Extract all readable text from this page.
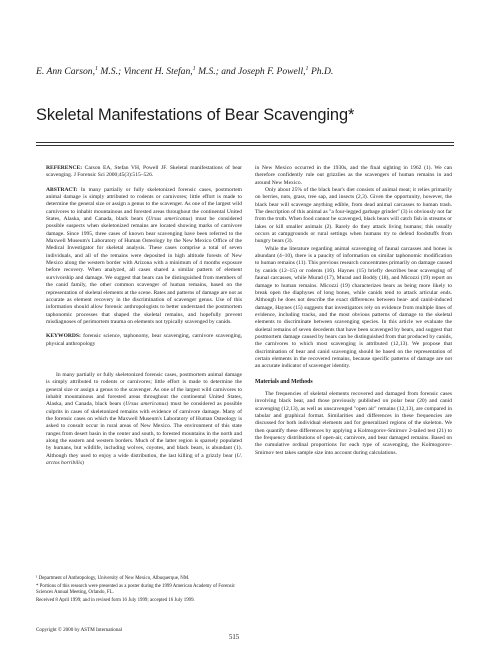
E. Ann Carson,$^1$ M.S.; Vincent H. Stefan,$^1$ M.S.; and Joseph F. Powell,$^1$ Ph.D.
Skeletal Manifestations of Bear Scavenging*

REFERENCE: Carson EA, Stefan VH, Powell JF. Skeletal manifestations of bear scavenging. J Forensic Sci 2000;45(3):515–526.

ABSTRACT: In many partially or fully skeletonized forensic cases, postmortem animal damage is simply attributed to rodents or carnivores; little effort is made to determine the general size or assign a genus to the scavenger. As one of the largest wild carnivores to inhabit mountainous and forested areas throughout the continental United States, Alaska, and Canada, black bears (Ursus americanus) must be considered possible suspects when skeletonized remains are located showing marks of carnivore damage. Since 1995, three cases of known bear scavenging have been referred to the Maxwell Museum's Laboratory of Human Osteology by the New Mexico Office of the Medical Investigator for skeletal analysis. These cases comprise a total of seven individuals, and all of the remains were deposited in high altitude forests of New Mexico along the western border with Arizona with a minimum of 4 months exposure before recovery. When analyzed, all cases shared a similar pattern of element survivorship and damage. We suggest that bears can be distinguished from members of the canid family, the other common scavenger of human remains, based on the representation of skeletal elements at the scene. Rates and patterns of damage are not as accurate as element recovery in the discrimination of scavenger genus. Use of this information should allow forensic anthropologists to better understand the postmortem taphonomic processes that shaped the skeletal remains, and hopefully prevent misdiagnoses of perimortem trauma on elements not typically scavenged by canids.

KEYWORDS: forensic science, taphonomy, bear scavenging, carnivore scavenging, physical anthropology

In many partially or fully skeletonized forensic cases, postmortem animal damage is simply attributed to rodents or carnivores; little effort is made to determine the general size or assign a genus to the scavenger. As one of the largest wild carnivores to inhabit mountainous and forested areas throughout the continental United States, Alaska, and Canada, black bears (Ursus americanus) must be considered as possible culprits in cases of skeletonized remains with evidence of carnivore damage. Many of the forensic cases on which the Maxwell Museum's Laboratory of Human Osteology is asked to consult occur in rural areas of New Mexico. The environment of this state ranges from desert basin in the center and south, to forested mountains in the north and along the eastern and western borders. Much of the latter region is sparsely populated by humans, but wildlife, including wolves, coyotes, and black bears, is abundant (1). Although they used to enjoy a wide distribution, the last killing of a grizzly bear (U. arctos horribilis)

in New Mexico occurred in the 1930s, and the final sighting in 1962 (1). We can therefore confidently rule out grizzlies as the scavengers of human remains in and around New Mexico.

Only about 25% of the black bear's diet consists of animal meat; it relies primarily on berries, nuts, grass, tree sap, and insects (2,3). Given the opportunity, however, the black bear will scavenge anything edible, from dead animal carcasses to human trash. The description of this animal as "a four-legged garbage grinder" (3) is obviously not far from the truth. When food cannot be scavenged, black bears will catch fish in streams or lakes or kill smaller animals (2). Rarely do they attack living humans; this usually occurs at campgrounds or rural settings when humans try to defend foodstuffs from hungry bears (3).

While the literature regarding animal scavenging of faunal carcasses and bones is abundant (4–10), there is a paucity of information on similar taphonomic modification to human remains (11). This previous research concentrates primarily on damage caused by canids (12–15) or rodents (16). Haynes (15) briefly describes bear scavenging of faunal carcasses, while Murad (17), Murad and Boddy (18), and Micozzi (19) report on damage to human remains. Micozzi (19) characterizes bears as being more likely to break open the diaphyses of long bones, while canids tend to attack articular ends. Although he does not describe the exact differences between bear- and canid-induced damage, Haynes (15) suggests that investigators rely on evidence from multiple lines of evidence, including tracks, and the most obvious patterns of damage to the skeletal elements to discriminate between scavenging species. In this article we evaluate the skeletal remains of seven decedents that have been scavenged by bears, and suggest that postmortem damage caused by bears can be distinguished from that produced by canids, the carnivores to which most scavenging is attributed (12,13). We propose that discrimination of bear and canid scavenging should be based on the representation of certain elements in the recovered remains, because specific patterns of damage are not an accurate indicator of scavenger identity.

Materials and Methods

The frequencies of skeletal elements recovered and damaged from forensic cases involving black bear, and those previously published on polar bear (20) and canid scavenging (12,13), as well as unscavenged "open air" remains (12,13), are compared in tabular and graphical format. Similarities and differences in these frequencies are discussed for both individual elements and for generalized regions of the skeleton. We then quantify these differences by applying a Kolmogorov-Smirnov 2-tailed test (21) to the frequency distributions of open-air, carnivore, and bear damaged remains. Based on the cumulative ordinal proportions for each type of scavenging, the Kolmogorov-Smirnov test takes sample size into account during calculations.

¹ Department of Anthropology, University of New Mexico, Albuquerque, NM.

* Portions of this research were presented as a poster during the 1999 American Academy of Forensic Sciences Annual Meeting, Orlando, FL.

Received 8 April 1999; and in revised form 16 July 1999; accepted 16 July 1999.

Copyright © 2000 by ASTM International
515
